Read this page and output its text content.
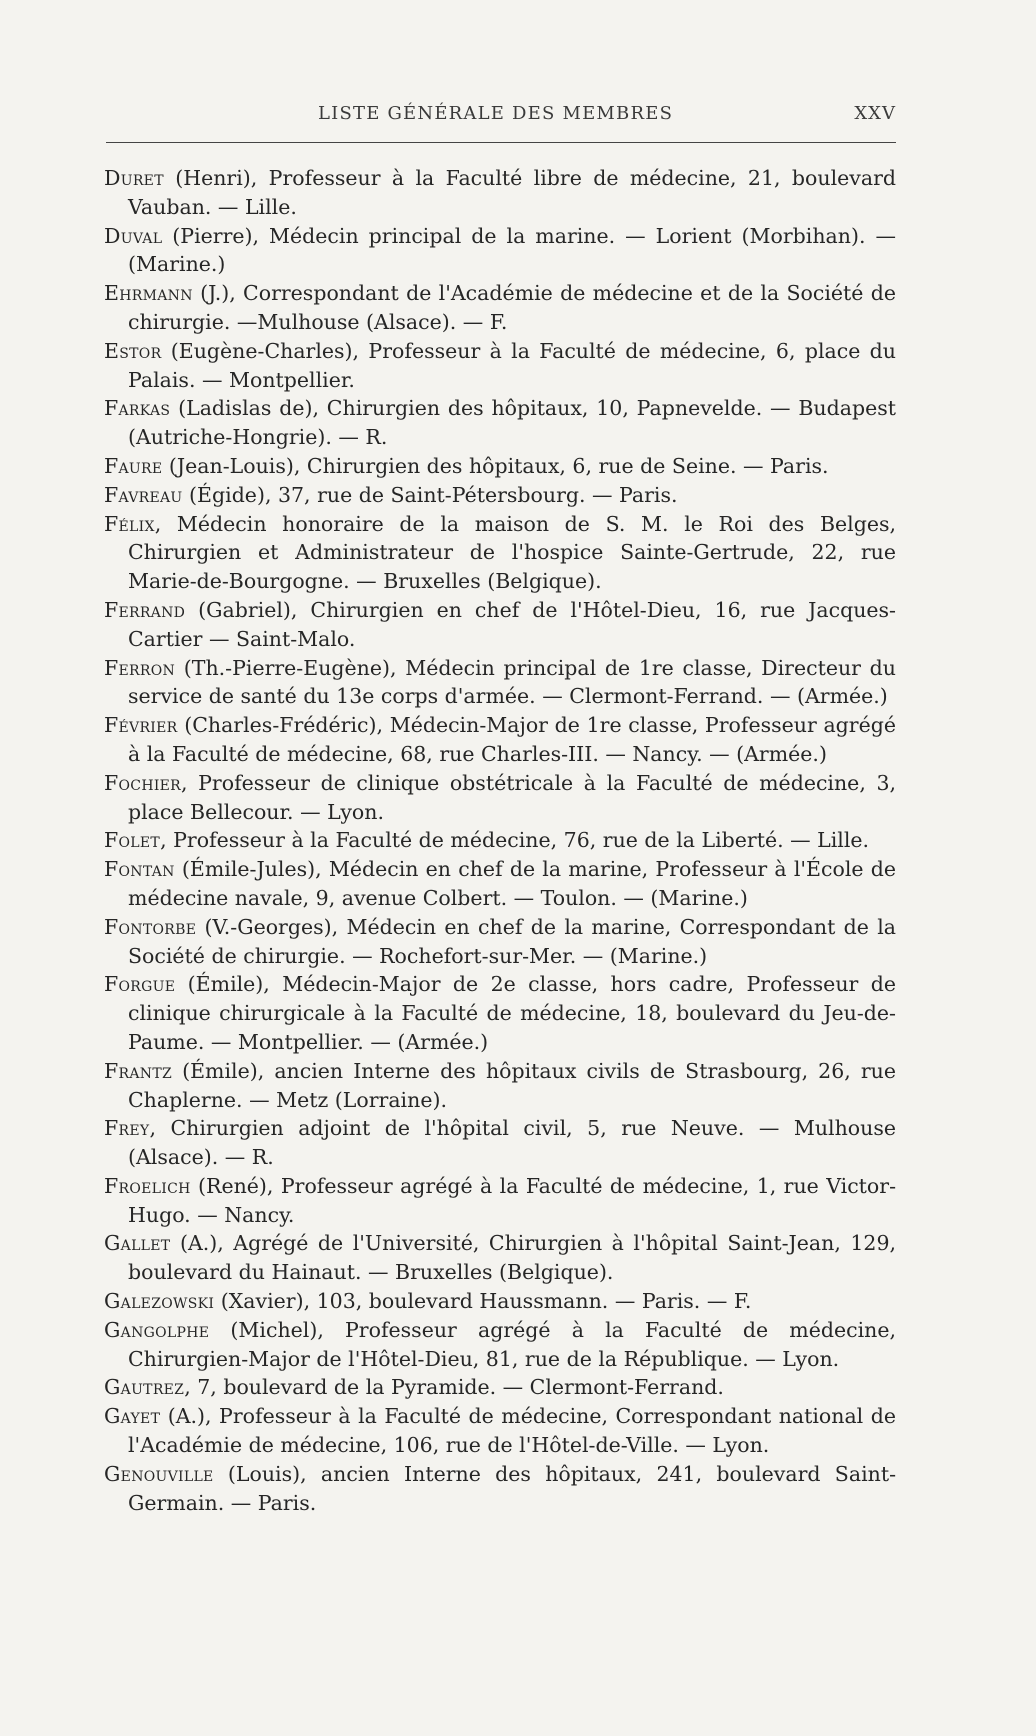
LISTE GÉNÉRALE DES MEMBRES	XXV

Duret (Henri), Professeur à la Faculté libre de médecine, 21, boulevard Vauban. — Lille.

Duval (Pierre), Médecin principal de la marine. — Lorient (Morbihan). — (Marine.)

Ehrmann (J.), Correspondant de l'Académie de médecine et de la Société de chirurgie. —Mulhouse (Alsace). — F.

Estor (Eugène-Charles), Professeur à la Faculté de médecine, 6, place du Palais. — Montpellier.

Farkas (Ladislas de), Chirurgien des hôpitaux, 10, Papnevelde. — Budapest (Autriche-Hongrie). — R.

Faure (Jean-Louis), Chirurgien des hôpitaux, 6, rue de Seine. — Paris.

Favreau (Égide), 37, rue de Saint-Pétersbourg. — Paris.

Félix, Médecin honoraire de la maison de S. M. le Roi des Belges, Chirurgien et Administrateur de l'hospice Sainte-Gertrude, 22, rue Marie-de-Bourgogne. — Bruxelles (Belgique).

Ferrand (Gabriel), Chirurgien en chef de l'Hôtel-Dieu, 16, rue Jacques-Cartier — Saint-Malo.

Ferron (Th.-Pierre-Eugène), Médecin principal de 1re classe, Directeur du service de santé du 13e corps d'armée. — Clermont-Ferrand. — (Armée.)

Février (Charles-Frédéric), Médecin-Major de 1re classe, Professeur agrégé à la Faculté de médecine, 68, rue Charles-III. — Nancy. — (Armée.)

Fochier, Professeur de clinique obstétricale à la Faculté de médecine, 3, place Bellecour. — Lyon.

Folet, Professeur à la Faculté de médecine, 76, rue de la Liberté. — Lille.

Fontan (Émile-Jules), Médecin en chef de la marine, Professeur à l'École de médecine navale, 9, avenue Colbert. — Toulon. — (Marine.)

Fontorbe (V.-Georges), Médecin en chef de la marine, Correspondant de la Société de chirurgie. — Rochefort-sur-Mer. — (Marine.)

Forgue (Émile), Médecin-Major de 2e classe, hors cadre, Professeur de clinique chirurgicale à la Faculté de médecine, 18, boulevard du Jeu-de-Paume. — Montpellier. — (Armée.)

Frantz (Émile), ancien Interne des hôpitaux civils de Strasbourg, 26, rue Chaplerne. — Metz (Lorraine).

Frey, Chirurgien adjoint de l'hôpital civil, 5, rue Neuve. — Mulhouse (Alsace). — R.

Froelich (René), Professeur agrégé à la Faculté de médecine, 1, rue Victor-Hugo. — Nancy.

Gallet (A.), Agrégé de l'Université, Chirurgien à l'hôpital Saint-Jean, 129, boulevard du Hainaut. — Bruxelles (Belgique).

Galezowski (Xavier), 103, boulevard Haussmann. — Paris. — F.

Gangolphe (Michel), Professeur agrégé à la Faculté de médecine, Chirurgien-Major de l'Hôtel-Dieu, 81, rue de la République. — Lyon.

Gautrez, 7, boulevard de la Pyramide. — Clermont-Ferrand.

Gayet (A.), Professeur à la Faculté de médecine, Correspondant national de l'Académie de médecine, 106, rue de l'Hôtel-de-Ville. — Lyon.

Genouville (Louis), ancien Interne des hôpitaux, 241, boulevard Saint-Germain. — Paris.
